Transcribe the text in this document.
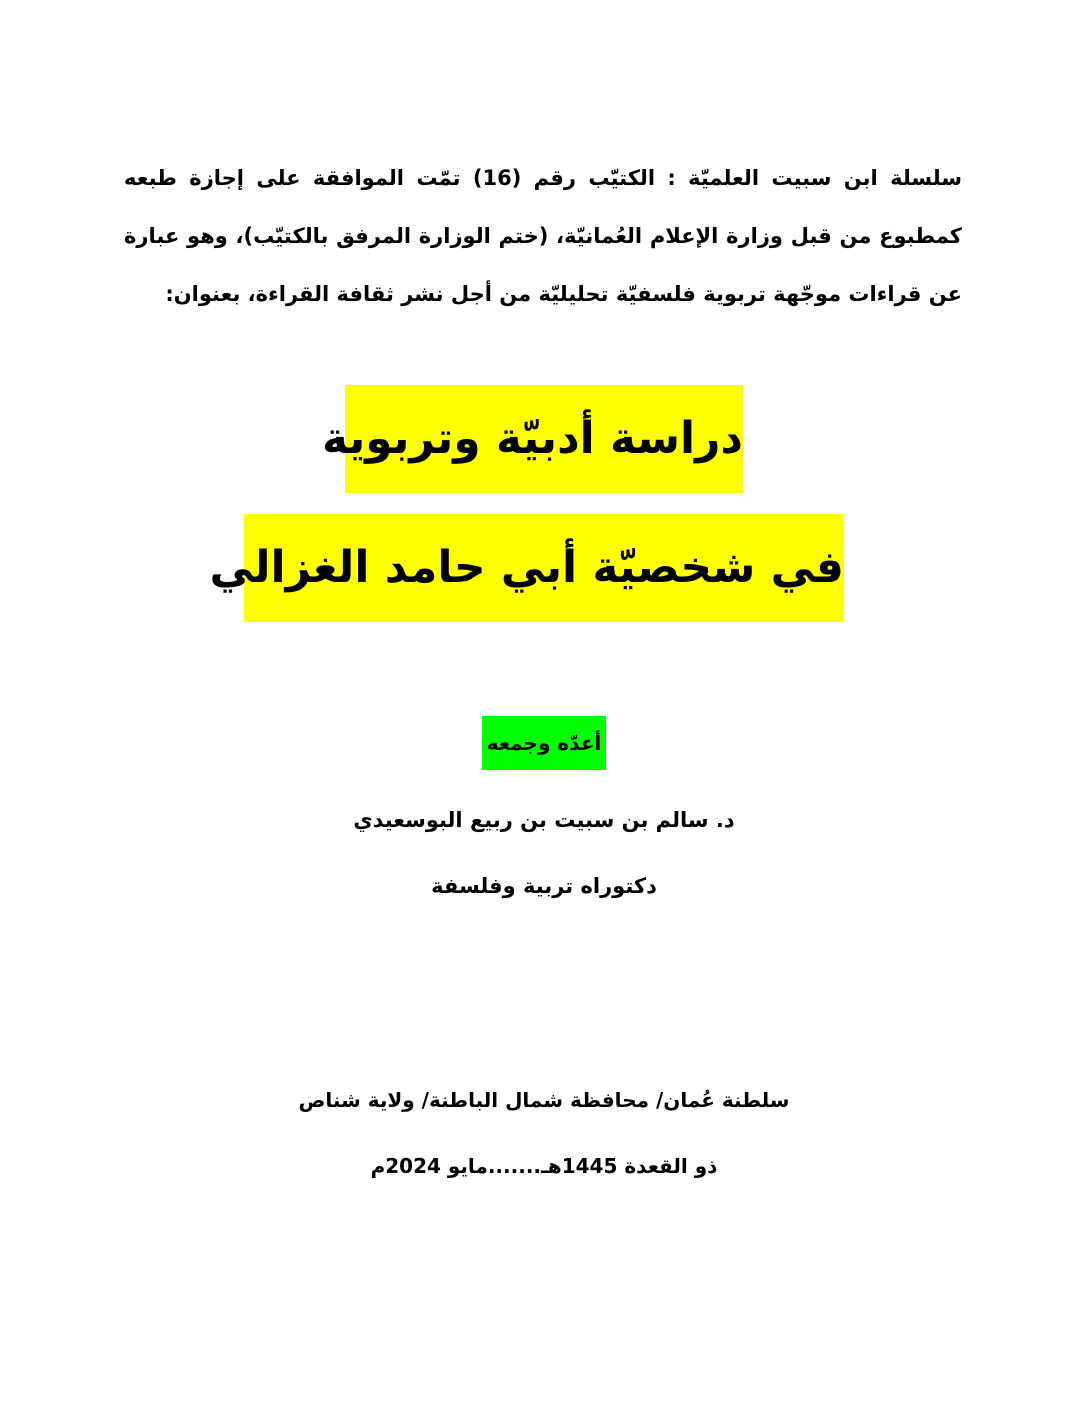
سلسلة ابن سبيت العلميّة : الكتيّب رقم (16) تمّت الموافقة على إجازة طبعه كمطبوع من قبل وزارة الإعلام العُمانيّة، (ختم الوزارة المرفق بالكتيّب)، وهو عبارة عن قراءات موجّهة تربوية فلسفيّة تحليليّة من أجل نشر ثقافة القراءة، بعنوان:

دراسة أدبيّة وتربوية
في شخصيّة أبي حامد الغزالي
أعدّه وجمعه
د. سالم بن سبيت بن ربيع البوسعيدي
دكتوراه تربية وفلسفة
سلطنة عُمان/ محافظة شمال الباطنة/ ولاية شناص
ذو القعدة 1445هـ.......مايو 2024م
